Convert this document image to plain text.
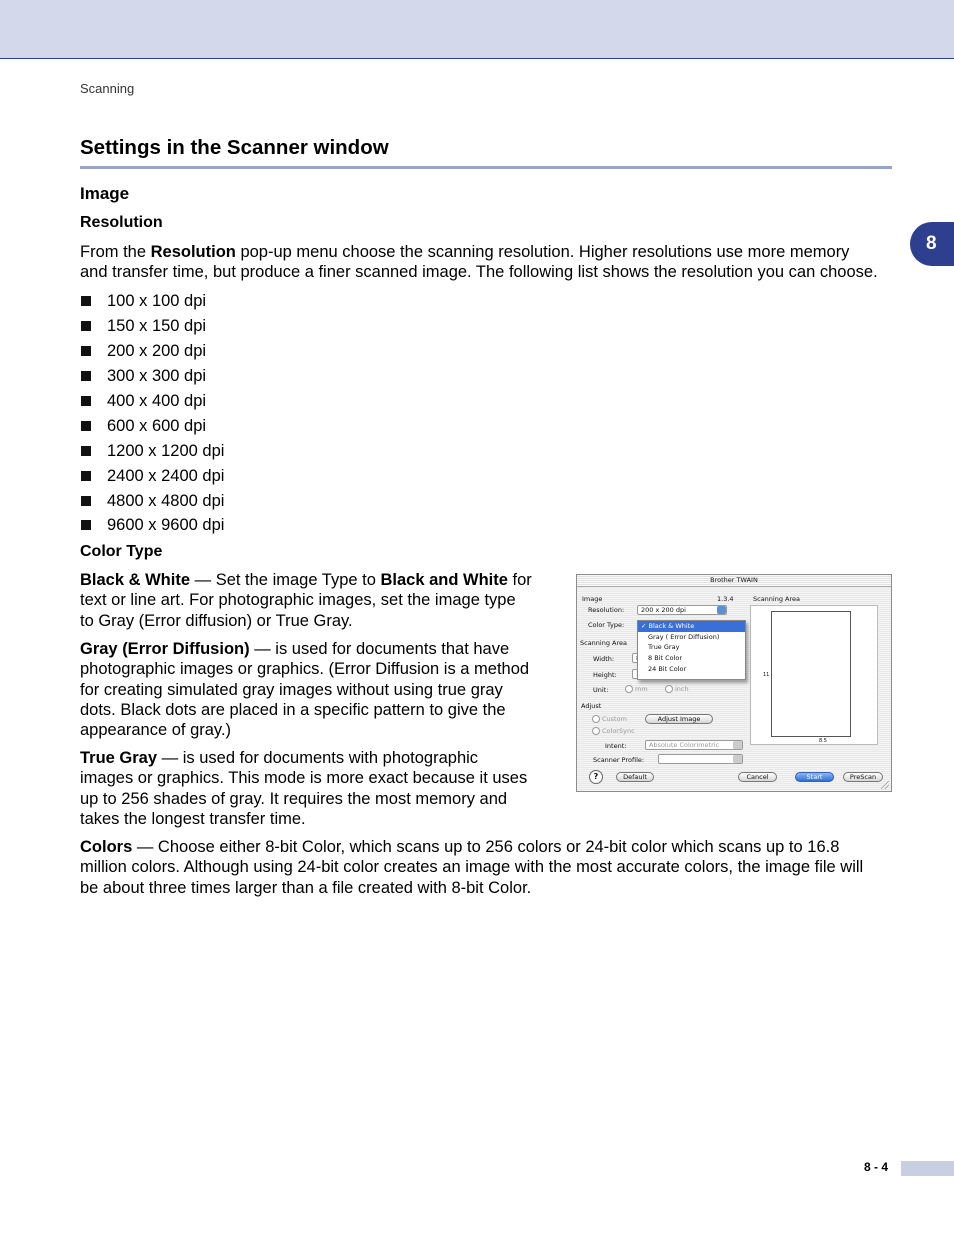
Scanning
8
Settings in the Scanner window
Image
Resolution
From the Resolution pop-up menu choose the scanning resolution. Higher resolutions use more memory
and transfer time, but produce a finer scanned image. The following list shows the resolution you can choose.
100 x 100 dpi
150 x 150 dpi
200 x 200 dpi
300 x 300 dpi
400 x 400 dpi
600 x 600 dpi
1200 x 1200 dpi
2400 x 2400 dpi
4800 x 4800 dpi
9600 x 9600 dpi
Color Type
Black & White — Set the image Type to Black and White for
text or line art. For photographic images, set the image type
to Gray (Error diffusion) or True Gray.
Gray (Error Diffusion) — is used for documents that have
photographic images or graphics. (Error Diffusion is a method
for creating simulated gray images without using true gray
dots. Black dots are placed in a specific pattern to give the
appearance of gray.)
True Gray — is used for documents with photographic
images or graphics. This mode is more exact because it uses
up to 256 shades of gray. It requires the most memory and
takes the longest transfer time.
Colors — Choose either 8-bit Color, which scans up to 256 colors or 24-bit color which scans up to 16.8
million colors. Although using 24-bit color creates an image with the most accurate colors, the image file will
be about three times larger than a file created with 8-bit Color.
Brother TWAIN
Image	1.3.4	Scanning Area
Resolution:	200 x 200 dpi
Color Type:
Scanning Area
Width:
Height:
Unit:	mm	inch
Adjust
Custom	Adjust Image
ColorSync
Intent:	Absolute Colorimetric
Scanner Profile:
?	Default	Cancel	Start	PreScan
11
8.5
✓ Black & White
Gray ( Error Diffusion)
True Gray
8 Bit Color
24 Bit Color
8 - 4
